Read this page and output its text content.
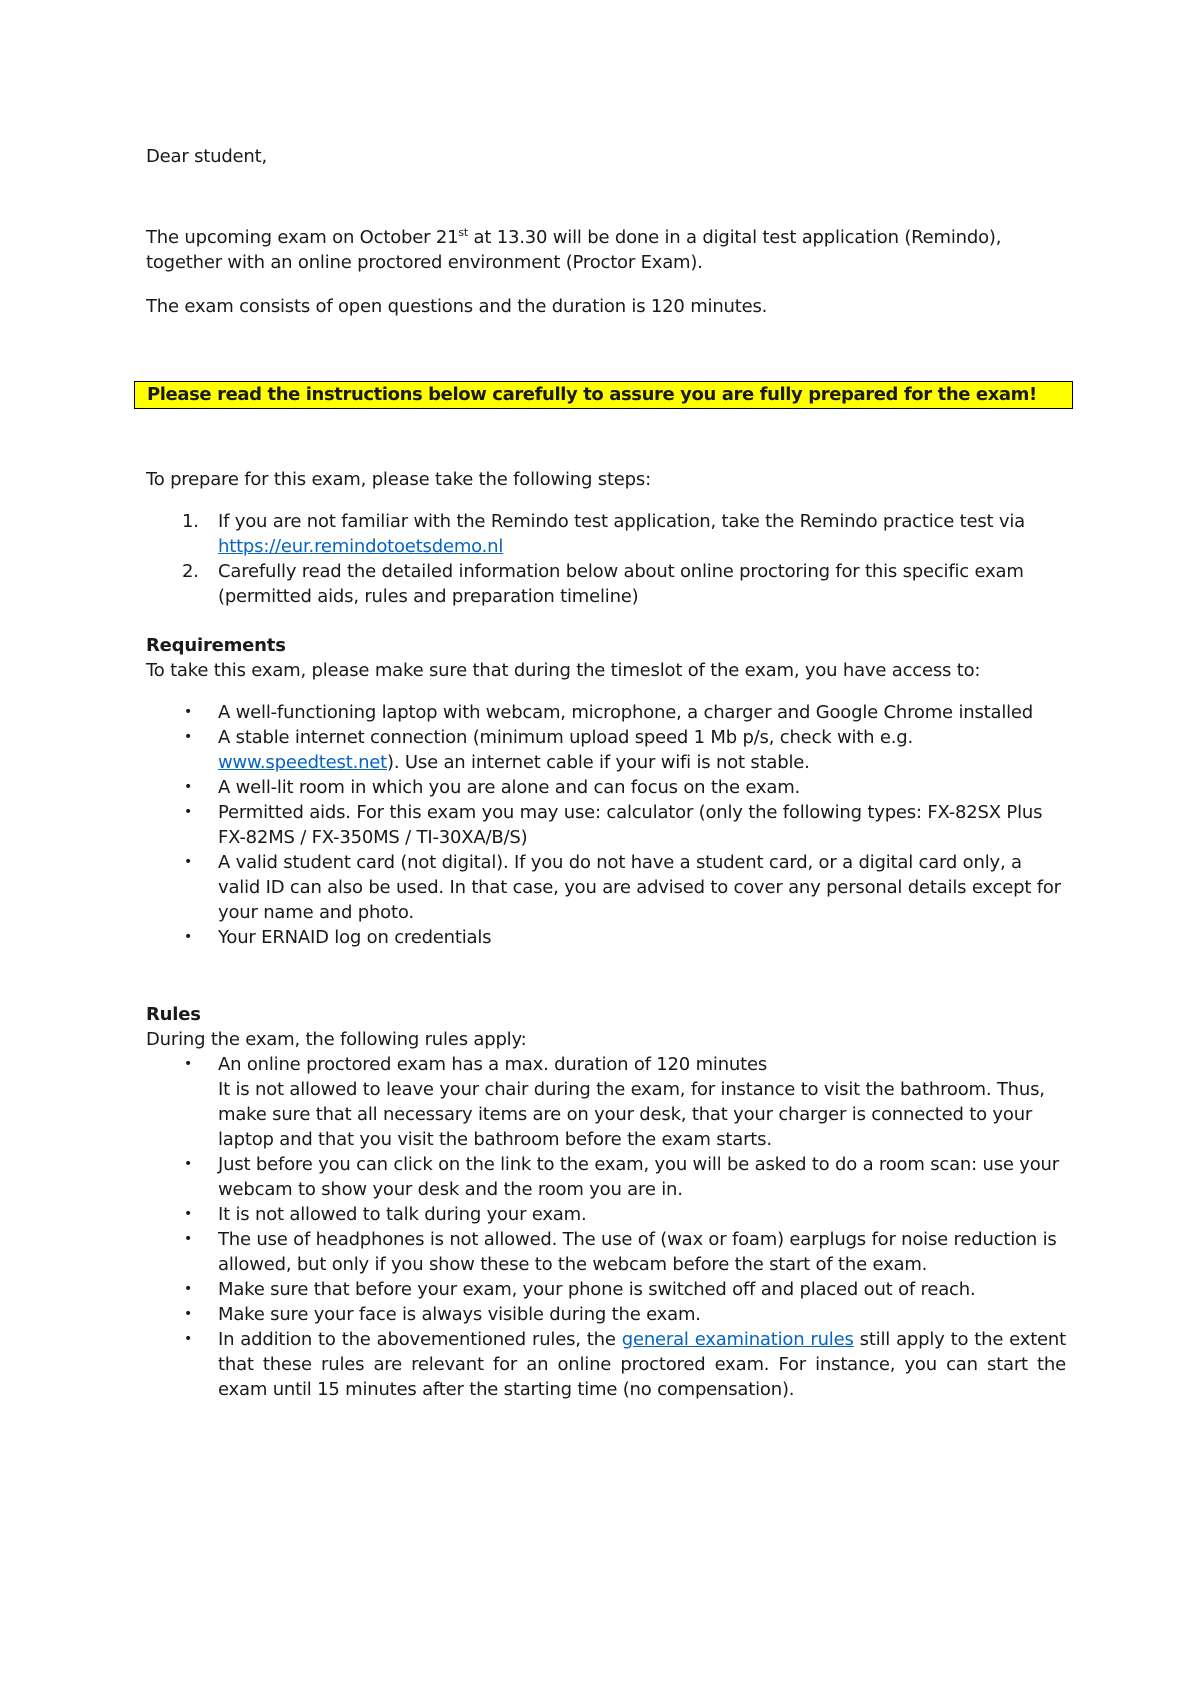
Dear student,

The upcoming exam on October 21st at 13.30 will be done in a digital test application (Remindo), together with an online proctored environment (Proctor Exam).

The exam consists of open questions and the duration is 120 minutes.

Please read the instructions below carefully to assure you are fully prepared for the exam!

To prepare for this exam, please take the following steps:

1. If you are not familiar with the Remindo test application, take the Remindo practice test via https://eur.remindotoetsdemo.nl
2. Carefully read the detailed information below about online proctoring for this specific exam (permitted aids, rules and preparation timeline)

Requirements

To take this exam, please make sure that during the timeslot of the exam, you have access to:

• A well-functioning laptop with webcam, microphone, a charger and Google Chrome installed
• A stable internet connection (minimum upload speed 1 Mb p/s, check with e.g. www.speedtest.net). Use an internet cable if your wifi is not stable.
• A well-lit room in which you are alone and can focus on the exam.
• Permitted aids. For this exam you may use: calculator (only the following types: FX-82SX Plus FX-82MS / FX-350MS / TI-30XA/B/S)
• A valid student card (not digital). If you do not have a student card, or a digital card only, a valid ID can also be used. In that case, you are advised to cover any personal details except for your name and photo.
• Your ERNAID log on credentials

Rules

During the exam, the following rules apply:

• An online proctored exam has a max. duration of 120 minutes
It is not allowed to leave your chair during the exam, for instance to visit the bathroom. Thus, make sure that all necessary items are on your desk, that your charger is connected to your laptop and that you visit the bathroom before the exam starts.
• Just before you can click on the link to the exam, you will be asked to do a room scan: use your webcam to show your desk and the room you are in.
• It is not allowed to talk during your exam.
• The use of headphones is not allowed. The use of (wax or foam) earplugs for noise reduction is allowed, but only if you show these to the webcam before the start of the exam.
• Make sure that before your exam, your phone is switched off and placed out of reach.
• Make sure your face is always visible during the exam.
• In addition to the abovementioned rules, the general examination rules still apply to the extent that these rules are relevant for an online proctored exam. For instance, you can start the exam until 15 minutes after the starting time (no compensation).
